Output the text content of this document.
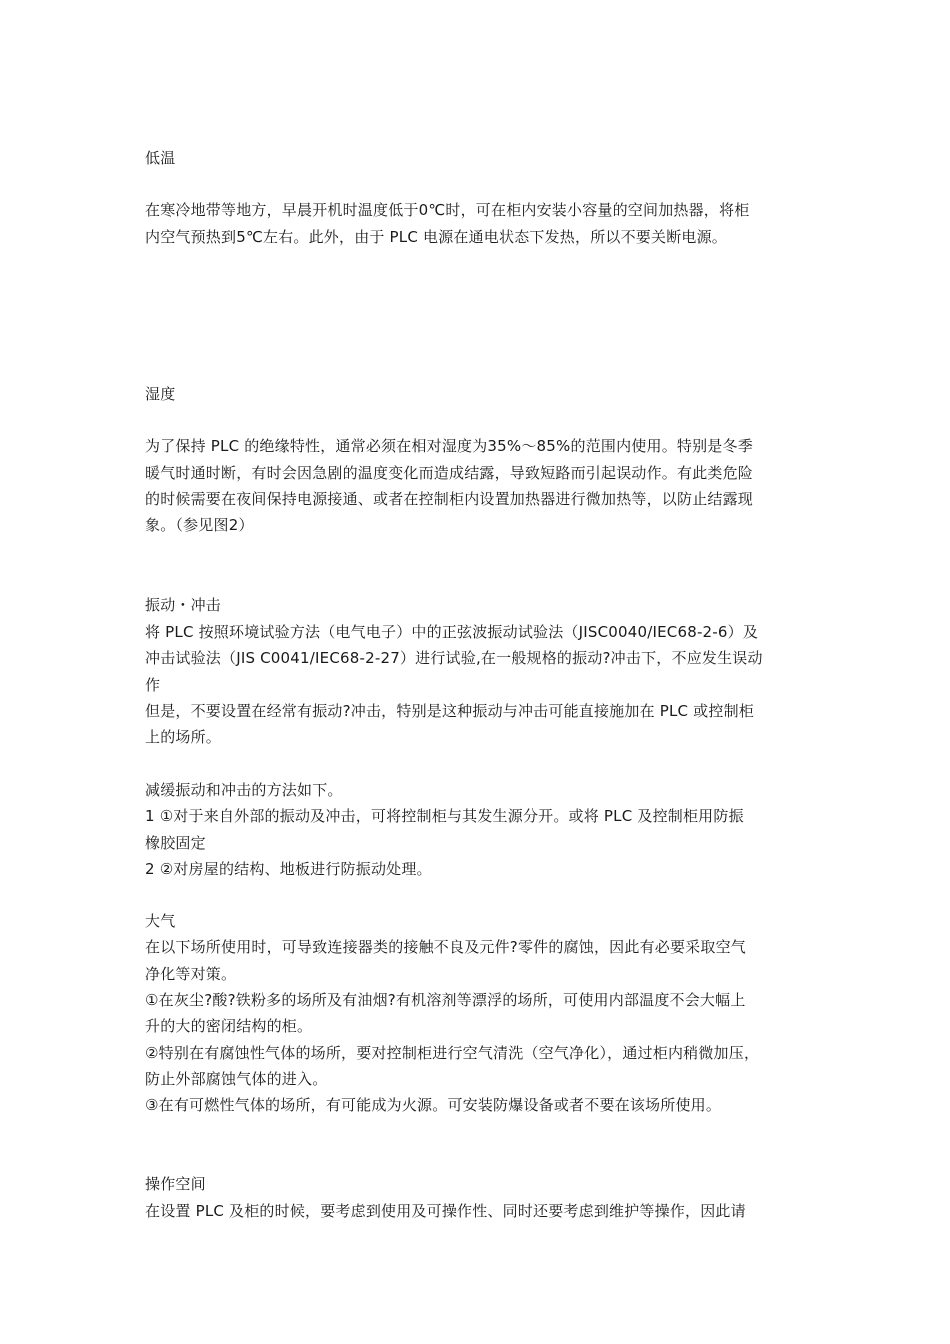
低温
在寒冷地带等地方，早晨开机时温度低于0℃时，可在柜内安装小容量的空间加热器，将柜
内空气预热到5℃左右。此外，由于 PLC 电源在通电状态下发热，所以不要关断电源。
湿度
为了保持 PLC 的绝缘特性，通常必须在相对湿度为35%～85%的范围内使用。特别是冬季
暖气时通时断，有时会因急剧的温度变化而造成结露，导致短路而引起误动作。有此类危险
的时候需要在夜间保持电源接通、或者在控制柜内设置加热器进行微加热等，以防止结露现
象。（参见图2）
振动・冲击
将 PLC 按照环境试验方法（电气电子）中的正弦波振动试验法（JISC0040/IEC68-2-6）及
冲击试验法（JIS C0041/IEC68-2-27）进行试验,在一般规格的振动?冲击下，不应发生误动
作
但是，不要设置在经常有振动?冲击，特别是这种振动与冲击可能直接施加在 PLC 或控制柜
上的场所。
减缓振动和冲击的方法如下。
1 ①对于来自外部的振动及冲击，可将控制柜与其发生源分开。或将 PLC 及控制柜用防振
橡胶固定
2 ②对房屋的结构、地板进行防振动处理。
大气
在以下场所使用时，可导致连接器类的接触不良及元件?零件的腐蚀，因此有必要采取空气
净化等对策。
①在灰尘?酸?铁粉多的场所及有油烟?有机溶剂等漂浮的场所，可使用内部温度不会大幅上
升的大的密闭结构的柜。
②特别在有腐蚀性气体的场所，要对控制柜进行空气清洗（空气净化），通过柜内稍微加压，
防止外部腐蚀气体的进入。
③在有可燃性气体的场所，有可能成为火源。可安装防爆设备或者不要在该场所使用。
操作空间
在设置 PLC 及柜的时候，要考虑到使用及可操作性、同时还要考虑到维护等操作，因此请
